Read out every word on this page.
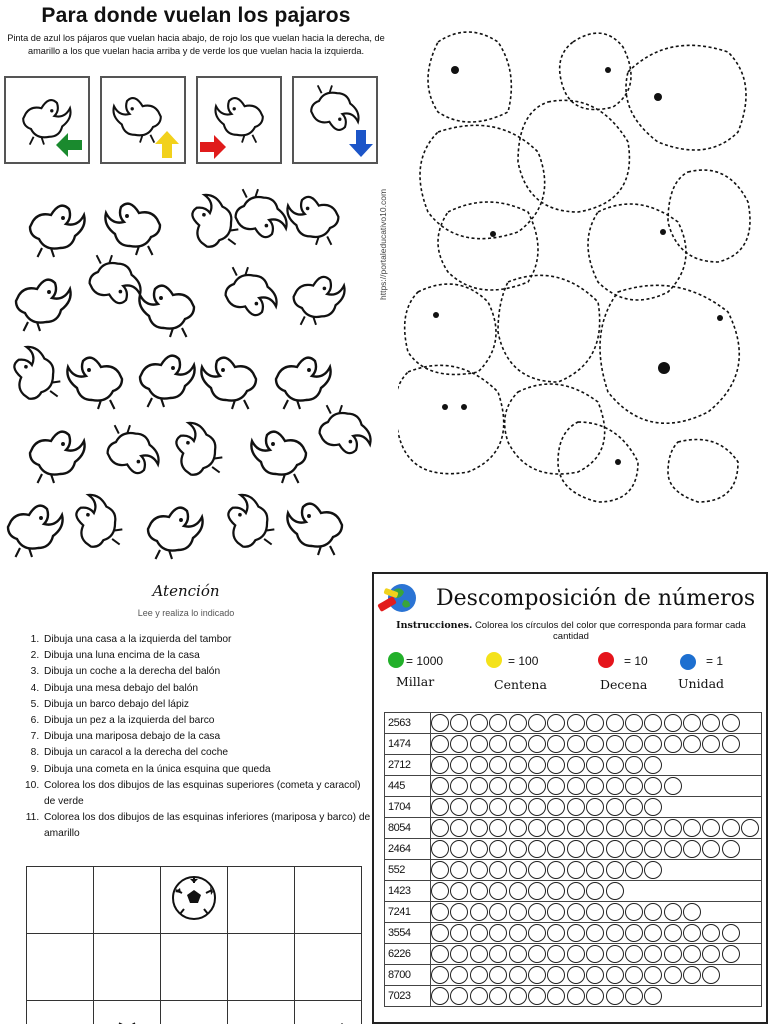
Para donde vuelan los pajaros
Pinta de azul los pájaros que vuelan hacia abajo, de rojo los que vuelan hacia la derecha, de amarillo a los que vuelan hacia arriba y de verde los que vuelan hacia la izquierda.
https://portaleducativo10.com
Atención
Lee y realiza lo indicado
1. Dibuja una casa a la izquierda del tambor
2. Dibuja una luna encima de la casa
3. Dibuja un coche a la derecha del balón
4. Dibuja una mesa debajo del balón
5. Dibuja un barco debajo del lápiz
6. Dibuja un pez a la izquierda del barco
7. Dibuja una mariposa debajo de la casa
8. Dibuja un caracol a la derecha del coche
9. Dibuja una cometa en la única esquina que queda
10. Colorea los dos dibujos de las esquinas superiores (cometa y caracol) de verde
11. Colorea los dos dibujos de las esquinas inferiores (mariposa y barco) de amarillo

Descomposición de números
Instrucciones. Colorea los círculos del color que corresponda para formar cada cantidad
= 1000
Millar
= 100
Centena
= 10
Decena
= 1
Unidad
2563	
1474	
2712	
445	
1704	
8054	
2464	
552	
1423	
7241	
3554	
6226	
8700	
7023	
